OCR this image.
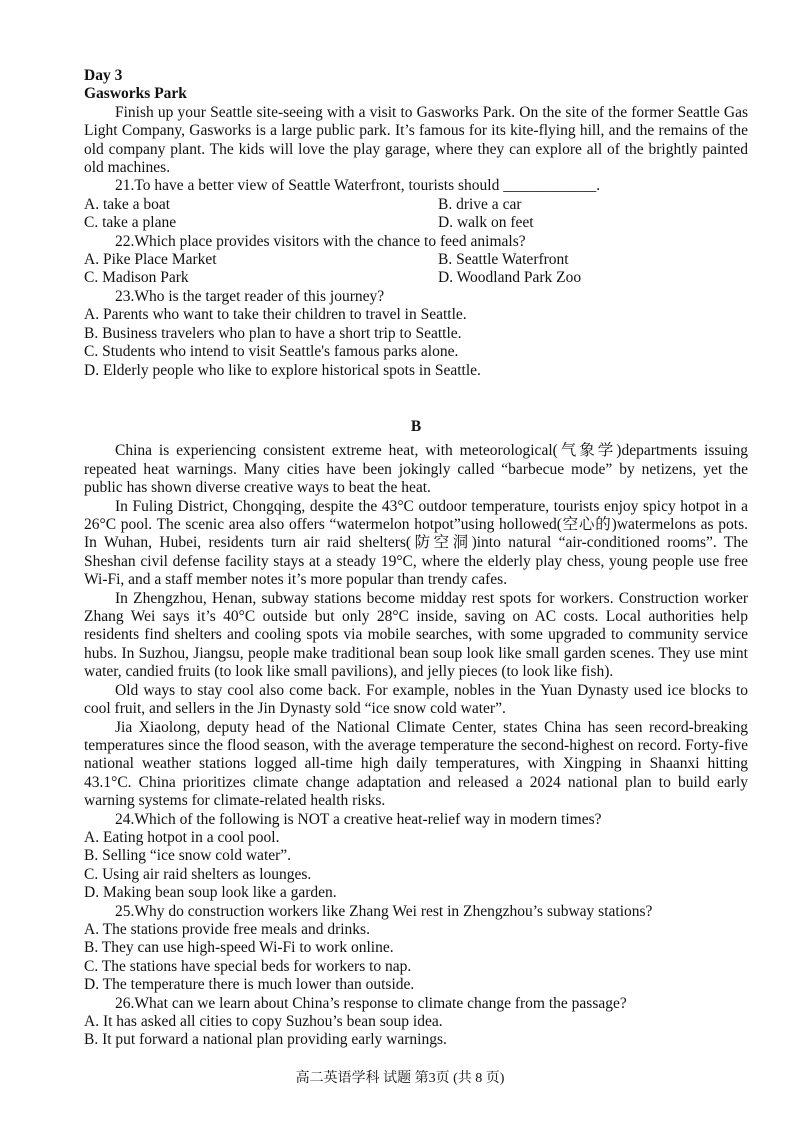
Day 3

Gasworks Park

Finish up your Seattle site-seeing with a visit to Gasworks Park. On the site of the former Seattle Gas Light Company, Gasworks is a large public park. It’s famous for its kite-flying hill, and the remains of the old company plant. The kids will love the play garage, where they can explore all of the brightly painted old machines.

21.To have a better view of Seattle Waterfront, tourists should ____________.

A. take a boat	B. drive a car
C. take a plane	D. walk on feet

22.Which place provides visitors with the chance to feed animals?

A. Pike Place Market	B. Seattle Waterfront
C. Madison Park	D. Woodland Park Zoo

23.Who is the target reader of this journey?

A. Parents who want to take their children to travel in Seattle.

B. Business travelers who plan to have a short trip to Seattle.

C. Students who intend to visit Seattle's famous parks alone.

D. Elderly people who like to explore historical spots in Seattle.

B

China is experiencing consistent extreme heat, with meteorological(气象学)departments issuing repeated heat warnings. Many cities have been jokingly called “barbecue mode” by netizens, yet the public has shown diverse creative ways to beat the heat.

In Fuling District, Chongqing, despite the 43°C outdoor temperature, tourists enjoy spicy hotpot in a 26°C pool. The scenic area also offers “watermelon hotpot”using hollowed(空心的)watermelons as pots. In Wuhan, Hubei, residents turn air raid shelters(防空洞)into natural “air-conditioned rooms”. The Sheshan civil defense facility stays at a steady 19°C, where the elderly play chess, young people use free Wi-Fi, and a staff member notes it’s more popular than trendy cafes.

In Zhengzhou, Henan, subway stations become midday rest spots for workers. Construction worker Zhang Wei says it’s 40°C outside but only 28°C inside, saving on AC costs. Local authorities help residents find shelters and cooling spots via mobile searches, with some upgraded to community service hubs. In Suzhou, Jiangsu, people make traditional bean soup look like small garden scenes. They use mint water, candied fruits (to look like small pavilions), and jelly pieces (to look like fish).

Old ways to stay cool also come back. For example, nobles in the Yuan Dynasty used ice blocks to cool fruit, and sellers in the Jin Dynasty sold “ice snow cold water”.

Jia Xiaolong, deputy head of the National Climate Center, states China has seen record-breaking temperatures since the flood season, with the average temperature the second-highest on record. Forty-five national weather stations logged all-time high daily temperatures, with Xingping in Shaanxi hitting 43.1°C. China prioritizes climate change adaptation and released a 2024 national plan to build early warning systems for climate-related health risks.

24.Which of the following is NOT a creative heat-relief way in modern times?

A. Eating hotpot in a cool pool.

B. Selling “ice snow cold water”.

C. Using air raid shelters as lounges.

D. Making bean soup look like a garden.

25.Why do construction workers like Zhang Wei rest in Zhengzhou’s subway stations?

A. The stations provide free meals and drinks.

B. They can use high-speed Wi-Fi to work online.

C. The stations have special beds for workers to nap.

D. The temperature there is much lower than outside.

26.What can we learn about China’s response to climate change from the passage?

A. It has asked all cities to copy Suzhou’s bean soup idea.

B. It put forward a national plan providing early warnings.

高二英语学科 试题 第3页 (共 8 页)
